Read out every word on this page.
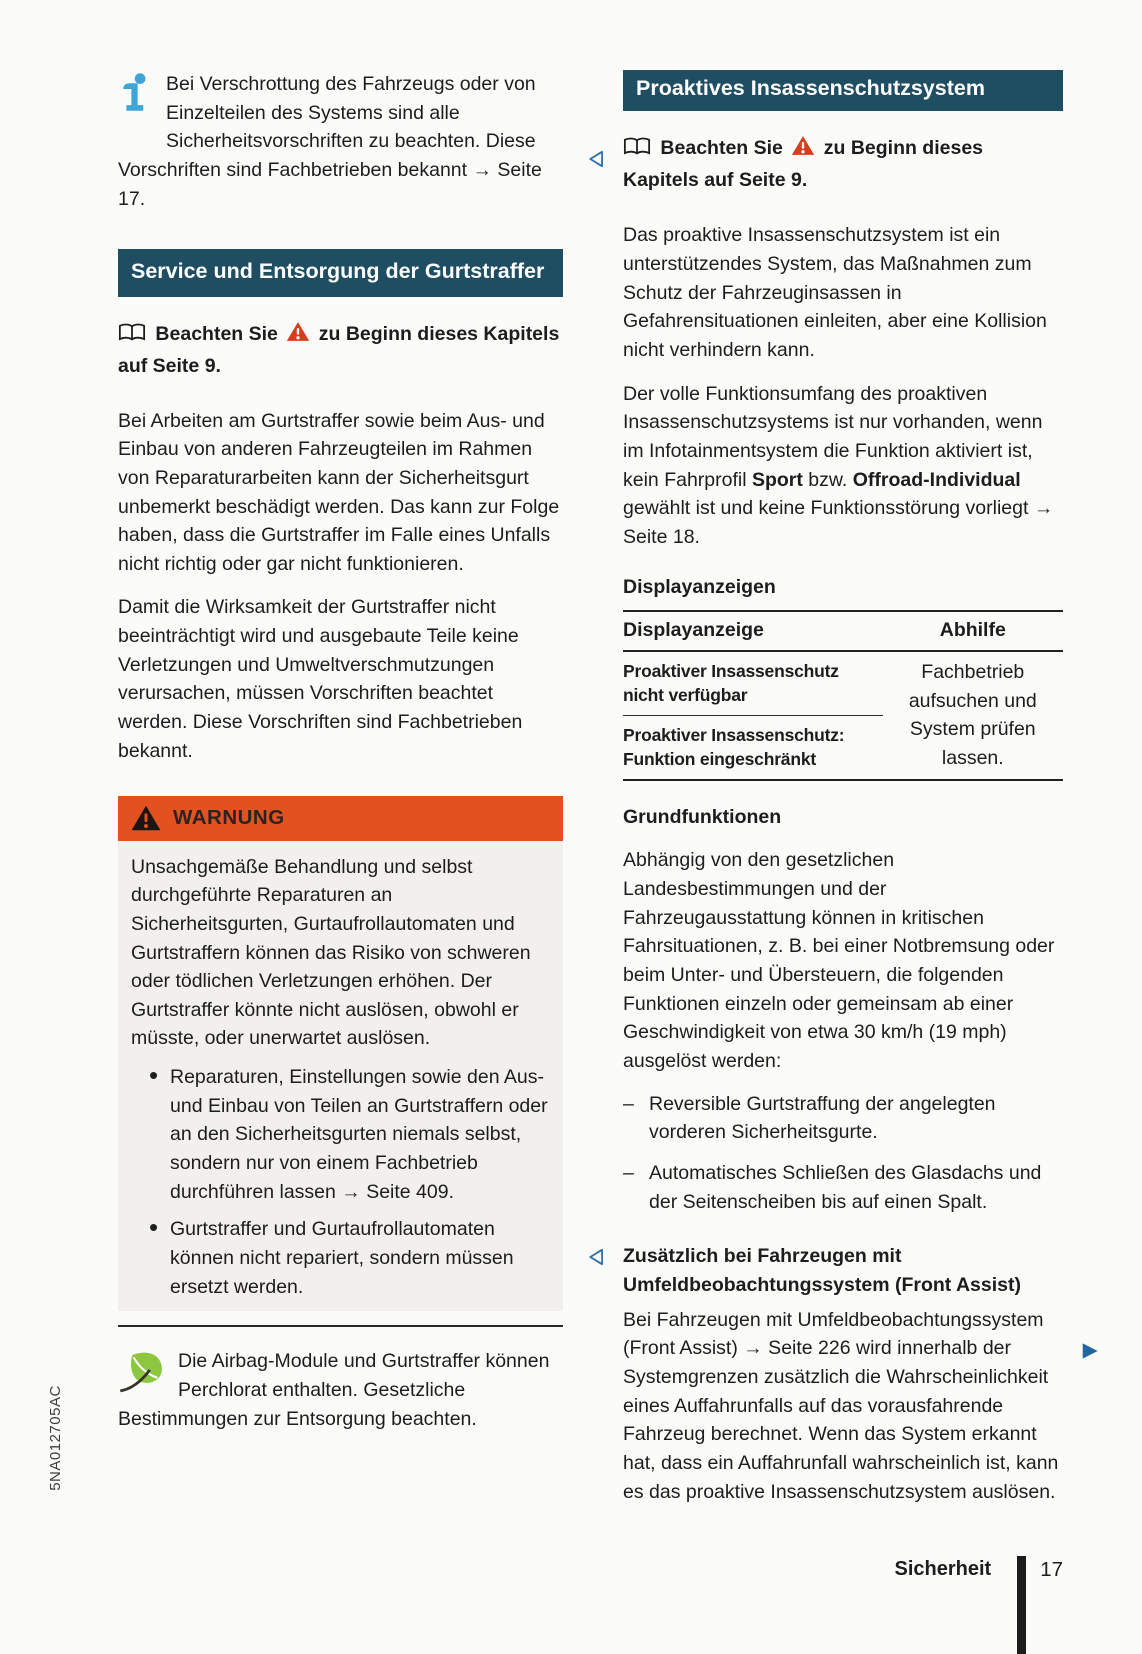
Bei Verschrottung des Fahrzeugs oder von Einzelteilen des Systems sind alle Sicherheitsvorschriften zu beachten. Diese Vorschriften sind Fachbetrieben bekannt → Seite 17.

Service und Entsorgung der Gurtstraffer

Beachten Sie zu Beginn dieses Kapitels auf Seite 9.

Bei Arbeiten am Gurtstraffer sowie beim Aus- und Einbau von anderen Fahrzeugteilen im Rahmen von Reparaturarbeiten kann der Sicherheitsgurt unbemerkt beschädigt werden. Das kann zur Folge haben, dass die Gurtstraffer im Falle eines Unfalls nicht richtig oder gar nicht funktionieren.

Damit die Wirksamkeit der Gurtstraffer nicht beeinträchtigt wird und ausgebaute Teile keine Verletzungen und Umweltverschmutzungen verursachen, müssen Vorschriften beachtet werden. Diese Vorschriften sind Fachbetrieben bekannt.

WARNUNG

Unsachgemäße Behandlung und selbst durchgeführte Reparaturen an Sicherheitsgurten, Gurtaufrollautomaten und Gurtstraffern können das Risiko von schweren oder tödlichen Verletzungen erhöhen. Der Gurtstraffer könnte nicht auslösen, obwohl er müsste, oder unerwartet auslösen.

• Reparaturen, Einstellungen sowie den Aus- und Einbau von Teilen an Gurtstraffern oder an den Sicherheitsgurten niemals selbst, sondern nur von einem Fachbetrieb durchführen lassen → Seite 409.
• Gurtstraffer und Gurtaufrollautomaten können nicht repariert, sondern müssen ersetzt werden.

Die Airbag-Module und Gurtstraffer können Perchlorat enthalten. Gesetzliche Bestimmungen zur Entsorgung beachten.

Proaktives Insassenschutzsystem

Beachten Sie zu Beginn dieses Kapitels auf Seite 9.

Das proaktive Insassenschutzsystem ist ein unterstützendes System, das Maßnahmen zum Schutz der Fahrzeuginsassen in Gefahrensituationen einleiten, aber eine Kollision nicht verhindern kann.

Der volle Funktionsumfang des proaktiven Insassenschutzsystems ist nur vorhanden, wenn im Infotainmentsystem die Funktion aktiviert ist, kein Fahrprofil Sport bzw. Offroad-Individual gewählt ist und keine Funktionsstörung vorliegt → Seite 18.

Displayanzeigen

Displayanzeige	Abhilfe
Proaktiver Insassenschutz nicht verfügbar
Proaktiver Insassenschutz: Funktion eingeschränkt
Fachbetrieb aufsuchen und System prüfen lassen.

Grundfunktionen

Abhängig von den gesetzlichen Landesbestimmungen und der Fahrzeugausstattung können in kritischen Fahrsituationen, z. B. bei einer Notbremsung oder beim Unter- und Übersteuern, die folgenden Funktionen einzeln oder gemeinsam ab einer Geschwindigkeit von etwa 30 km/h (19 mph) ausgelöst werden:

– Reversible Gurtstraffung der angelegten vorderen Sicherheitsgurte.
– Automatisches Schließen des Glasdachs und der Seitenscheiben bis auf einen Spalt.

Zusätzlich bei Fahrzeugen mit Umfeldbeobachtungssystem (Front Assist)

Bei Fahrzeugen mit Umfeldbeobachtungssystem (Front Assist) → Seite 226 wird innerhalb der Systemgrenzen zusätzlich die Wahrscheinlichkeit eines Auffahrunfalls auf das vorausfahrende Fahrzeug berechnet. Wenn das System erkannt hat, dass ein Auffahrunfall wahrscheinlich ist, kann es das proaktive Insassenschutzsystem auslösen.

Sicherheit 17
5NA012705AC
